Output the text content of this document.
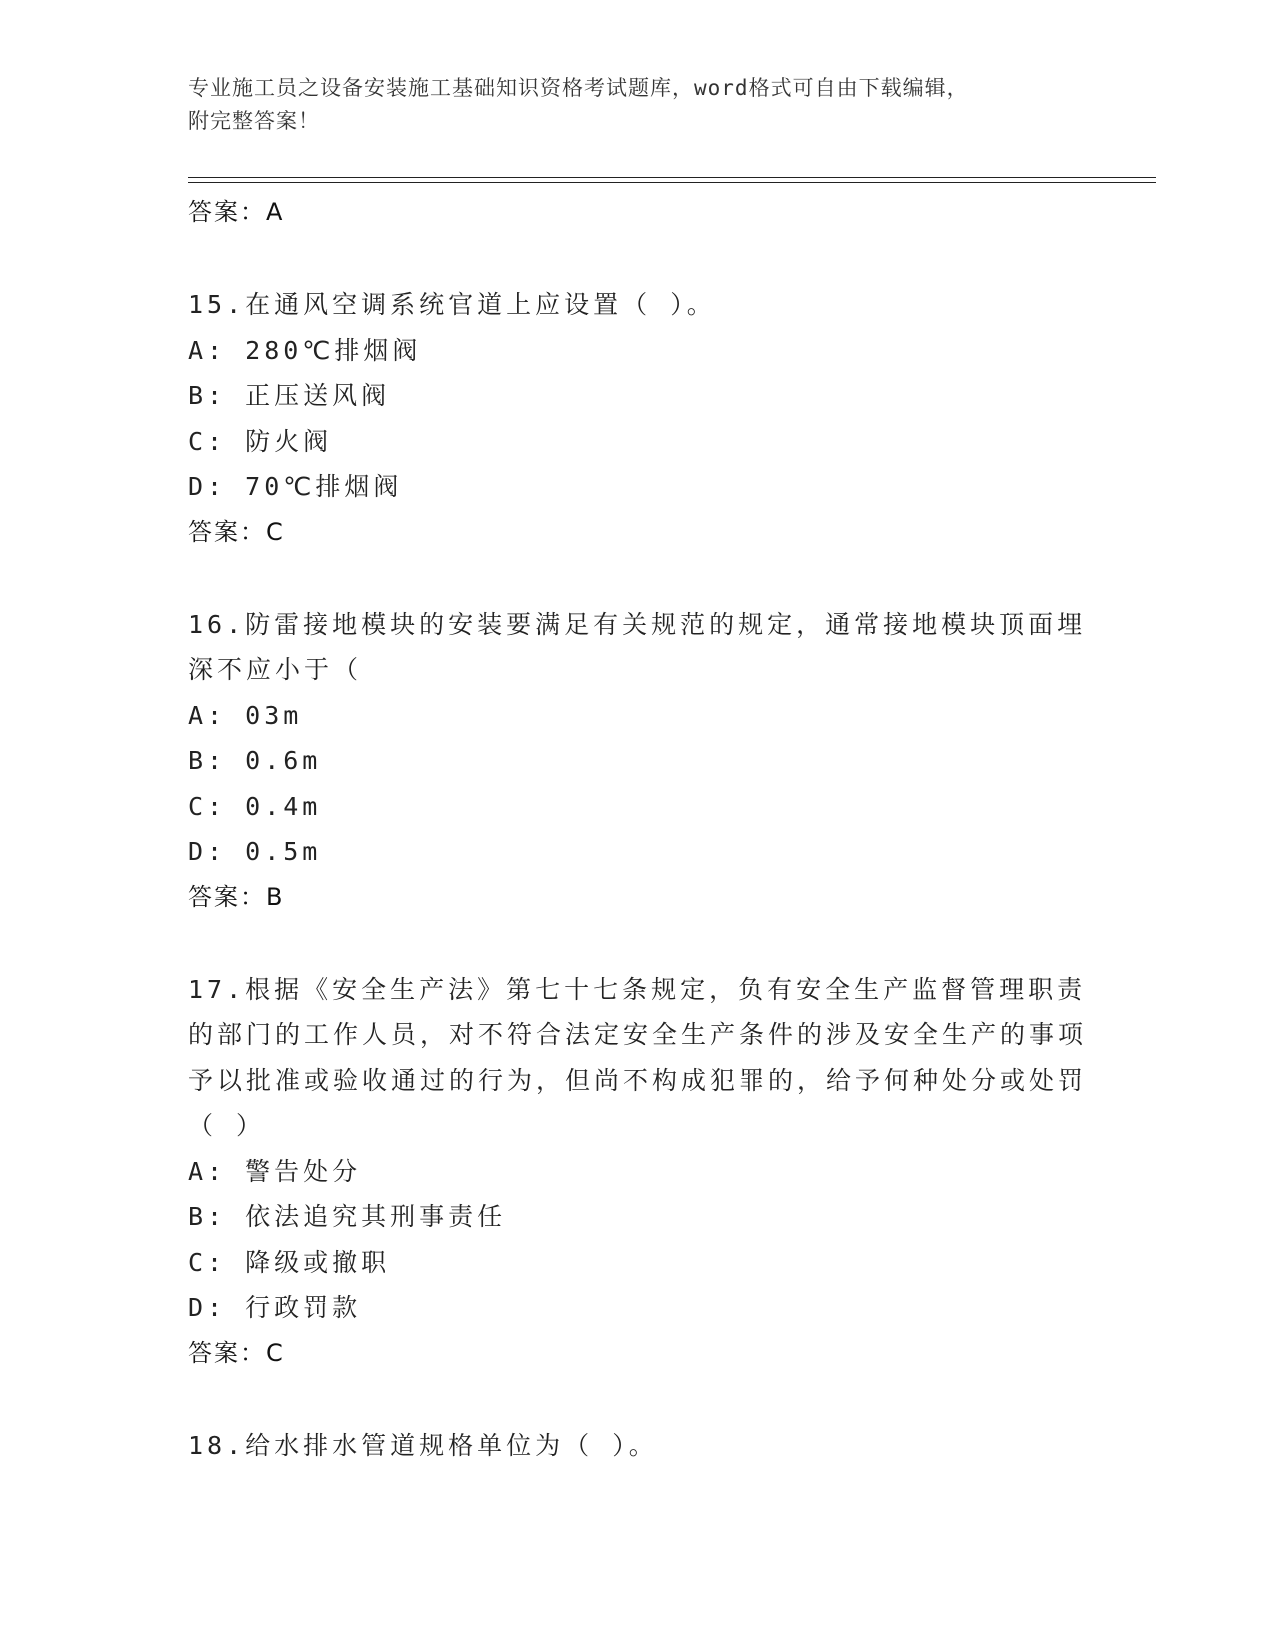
专业施工员之设备安装施工基础知识资格考试题库，word格式可自由下载编辑，
附完整答案！
答案：A
15.在通风空调系统官道上应设置（ ）。
A: 280℃排烟阀
B: 正压送风阀
C: 防火阀
D: 70℃排烟阀
答案：C
16.防雷接地模块的安装要满足有关规范的规定，通常接地模块顶面埋深不应小于（
A: 03m
B: 0.6m
C: 0.4m
D: 0.5m
答案：B
17.根据《安全生产法》第七十七条规定，负有安全生产监督管理职责的部门的工作人员，对不符合法定安全生产条件的涉及安全生产的事项予以批准或验收通过的行为，但尚不构成犯罪的，给予何种处分或处罚（ ）
A: 警告处分
B: 依法追究其刑事责任
C: 降级或撤职
D: 行政罚款
答案：C
18.给水排水管道规格单位为（ ）。
